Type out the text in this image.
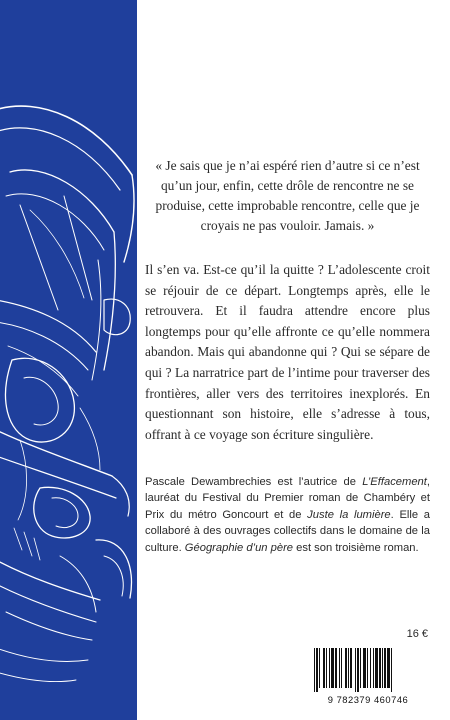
« Je sais que je n’ai espéré rien d’autre si ce n’est qu’un jour, enfin, cette drôle de rencontre ne se produise, cette improbable rencontre, celle que je croyais ne pas vouloir. Jamais. »

Il s’en va. Est-ce qu’il la quitte ? L’adolescente croit se réjouir de ce départ. Longtemps après, elle le retrouvera. Et il faudra attendre encore plus longtemps pour qu’elle affronte ce qu’elle nommera abandon. Mais qui abandonne qui ? Qui se sépare de qui ? La narratrice part de l’intime pour traverser des frontières, aller vers des territoires inexplorés. En questionnant son histoire, elle s’adresse à tous, offrant à ce voyage son écriture singulière.

Pascale Dewambrechies est l’autrice de L’Effacement, lauréat du Festival du Premier roman de Chambéry et Prix du métro Goncourt et de Juste la lumière. Elle a collaboré à des ouvrages collectifs dans le domaine de la culture. Géographie d’un père est son troisième roman.

16 €
9 782379 460746
